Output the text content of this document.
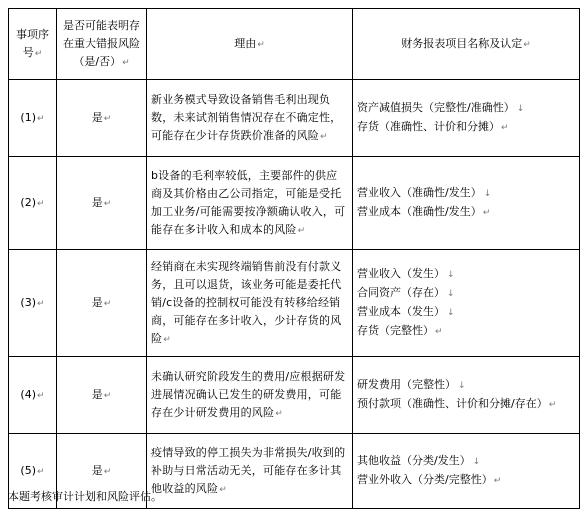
事项序号↵	是否可能表明存在重大错报风险（是/否）↵	理由↵	财务报表项目名称及认定↵
(1)↵	是↵	新业务模式导致设备销售毛利出现负数，未来试剂销售情况存在不确定性，可能存在少计存货跌价准备的风险↵	资产减值损失（完整性/准确性） ↓
存货（准确性、计价和分摊）↵

(2)↵	是↵	b设备的毛利率较低，主要部件的供应商及其价格由乙公司指定，可能是受托加工业务/可能需要按净额确认收入，可能存在多计收入和成本的风险↵	营业收入（准确性/发生） ↓
营业成本（准确性/发生）↵

(3)↵	是↵	经销商在未实现终端销售前没有付款义务，且可以退货，该业务可能是委托代销/c设备的控制权可能没有转移给经销商，可能存在多计收入，少计存货的风险↵	营业收入（发生） ↓
合同资产（存在） ↓
营业成本（发生） ↓
存货（完整性）↵

(4)↵	是↵	未确认研究阶段发生的费用/应根据研发进展情况确认已发生的研发费用，可能存在少计研发费用的风险↵	研发费用（完整性） ↓
预付款项（准确性、计价和分摊/存在）↵

(5)↵	是↵	疫情导致的停工损失为非常损失/收到的补助与日常活动无关，可能存在多计其他收益的风险↵	其他收益（分类/发生） ↓
营业外收入（分类/完整性）↵
本题考核审计计划和风险评估。
